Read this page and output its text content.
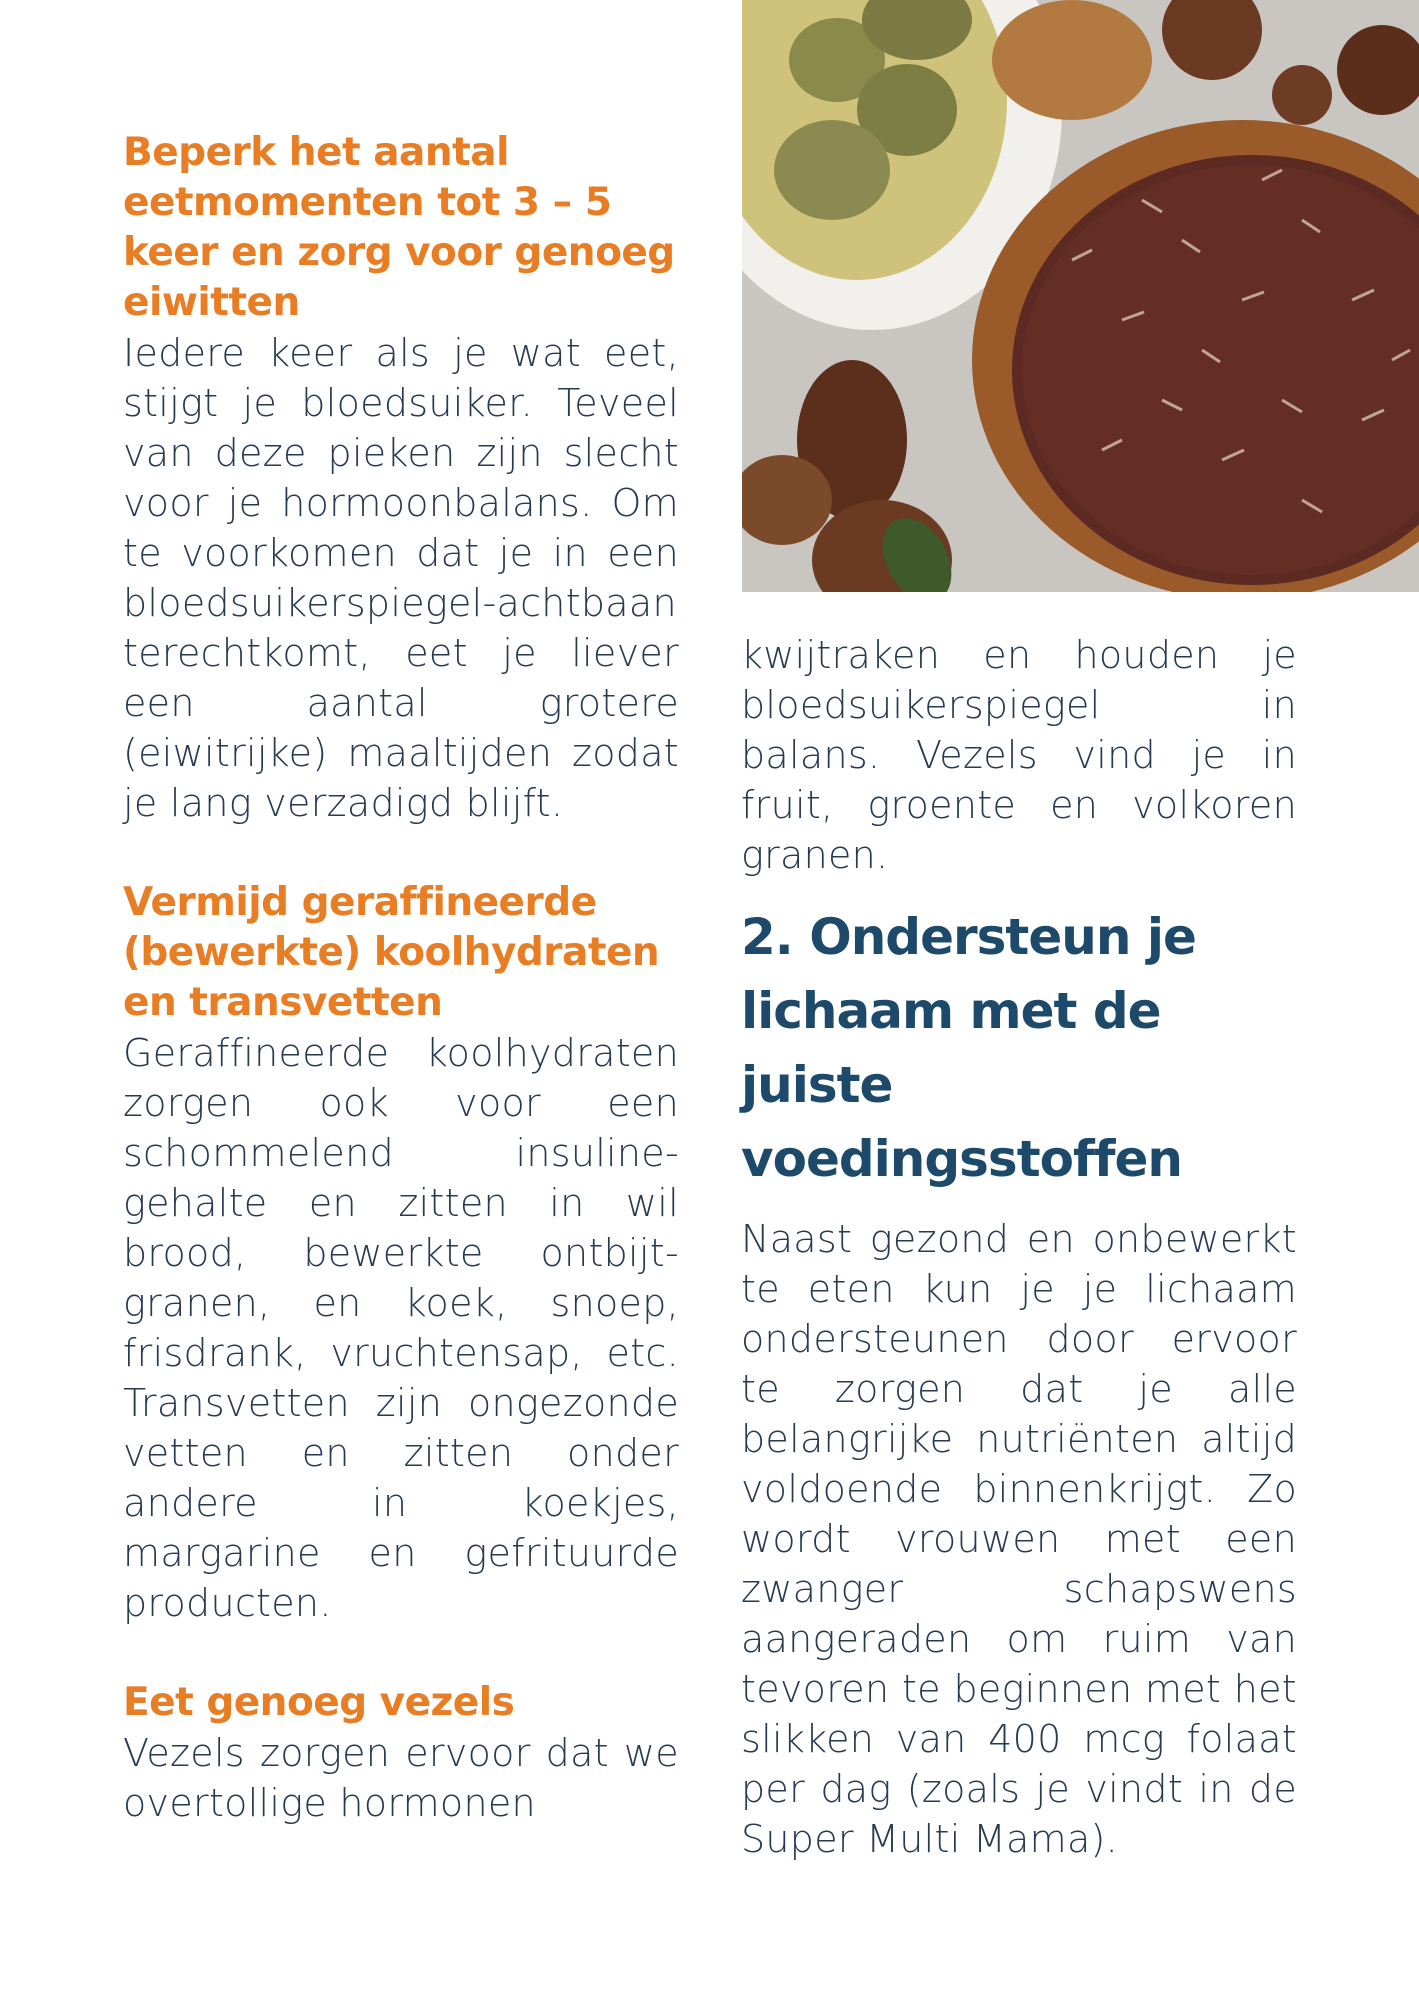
Beperk het aantal eetmomenten tot 3 – 5 keer en zorg voor genoeg eiwitten

Iedere keer als je wat eet, stijgt je bloedsuiker. Teveel van deze pieken zijn slecht voor je hormoonbalans. Om te voorkomen dat je in een bloedsuikerspiegel-achtbaan terechtkomt, eet je liever een aantal grotere (eiwitrijke) maaltijden zodat je lang verzadigd blijft.

Vermijd geraffineerde (bewerkte) koolhydraten en transvetten

Geraffineerde koolhydraten zorgen ook voor een schommelend insuline-gehalte en zitten in wil brood, bewerkte ontbijt-granen, en koek, snoep, frisdrank, vruchtensap, etc. Transvetten zijn ongezonde vetten en zitten onder andere in koekjes, margarine en gefrituurde producten.

Eet genoeg vezels

Vezels zorgen ervoor dat we overtollige hormonen

kwijtraken en houden je bloedsuikerspiegel in balans. Vezels vind je in fruit, groente en volkoren granen.

2. Ondersteun je lichaam met de juiste voedingsstoffen

Naast gezond en onbewerkt te eten kun je je lichaam ondersteunen door ervoor te zorgen dat je alle belangrijke nutriënten altijd voldoende binnenkrijgt. Zo wordt vrouwen met een zwanger schapswens aangeraden om ruim van tevoren te beginnen met het slikken van 400 mcg folaat per dag (zoals je vindt in de Super Multi Mama).
